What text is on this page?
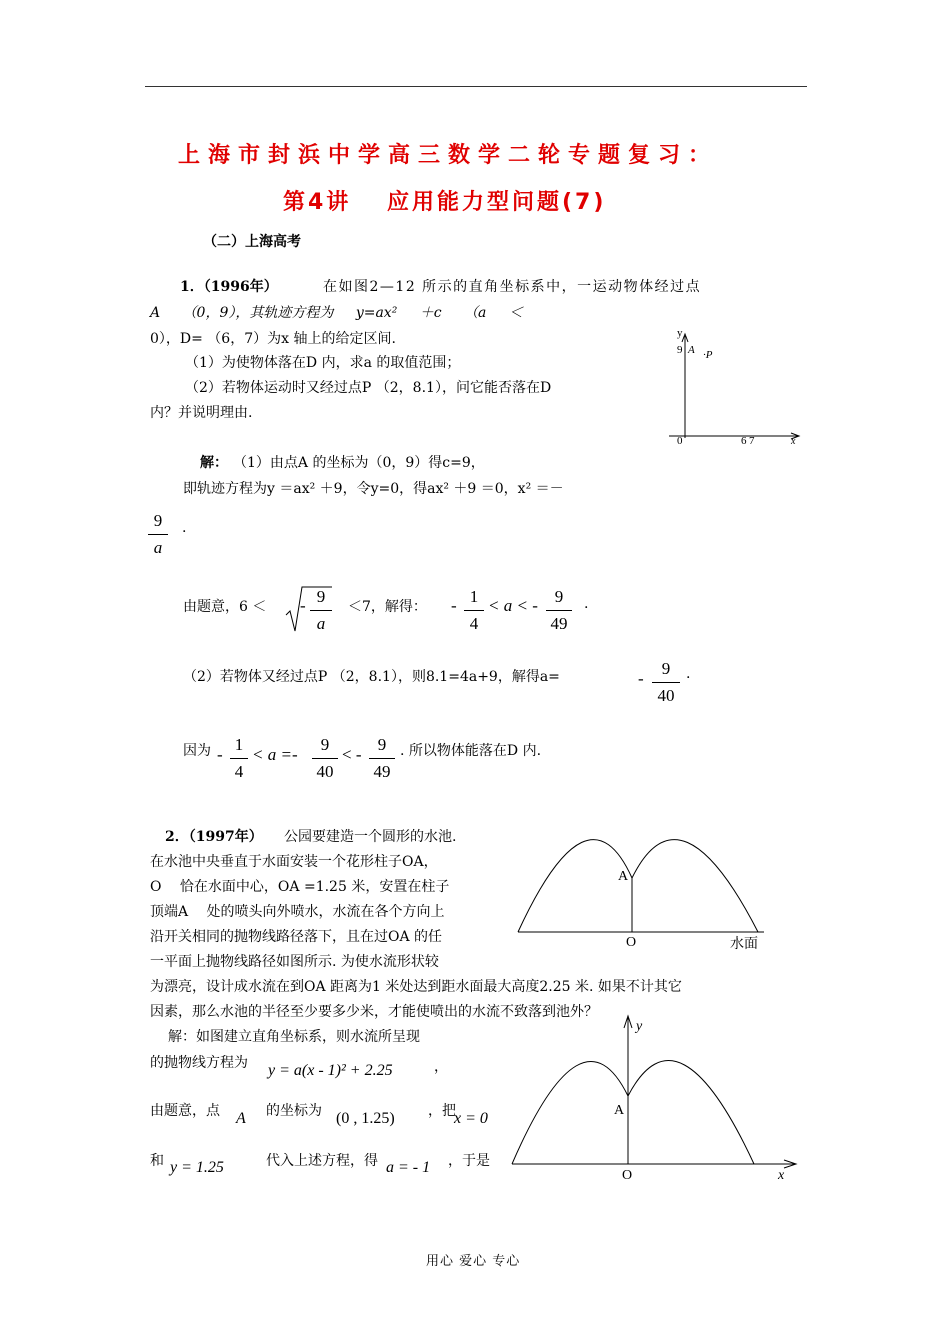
上海市封浜中学高三数学二轮专题复习：
第4讲　 应用能力型问题(7)
（二）上海高考
1．（1996年）	在如图2—12 所示的直角坐标系中，一运动物体经过点
A （0，9），其轨迹方程为 y=ax² ＋c （a ＜
0），D= （6，7）为x 轴上的给定区间.
（1）为使物体落在D 内，求a 的取值范围；
（2）若物体运动时又经过点P （2，8.1），问它能否落在D
内？并说明理由.
y
9 A ·P
0	6 7	x
解： （1）由点A 的坐标为（0，9）得c=9，
即轨迹方程为y ＝ax² ＋9，令y=0，得ax² ＋9 ＝0，x² ＝－
9
a
.
由题意，6 ＜ - 9
a
＜7，解得： - 1
4
< a < - 9
49
.
（2）若物体又经过点P （2，8.1），则8.1=4a+9，解得a=	-
9
40
.
因为 -
1
4
< a =-
9
40
< -
9
49
. 所以物体能落在D 内.
2．（1997年） 公园要建造一个圆形的水池.
在水池中央垂直于水面安装一个花形柱子OA，
O　 恰在水面中心，OA =1.25 米，安置在柱子
顶端A　 处的喷头向外喷水，水流在各个方向上
沿开关相同的抛物线路径落下，且在过OA 的任
一平面上抛物线路径如图所示. 为使水流形状较
为漂亮，设计成水流在到OA 距离为1 米处达到距水面最大高度2.25 米. 如果不计其它
因素，那么水池的半径至少要多少米，才能使喷出的水流不致落到池外？
A
O	水面
解：如图建立直角坐标系，则水流所呈现
的抛物线方程为 y = a(x - 1)² + 2.25	，
由题意，点 A 的坐标为 (0 , 1.25) ，把
x = 0
和 y = 1.25	代入上述方程，得 a = - 1 ，于是
y
A
O	x
用心 爱心 专心
